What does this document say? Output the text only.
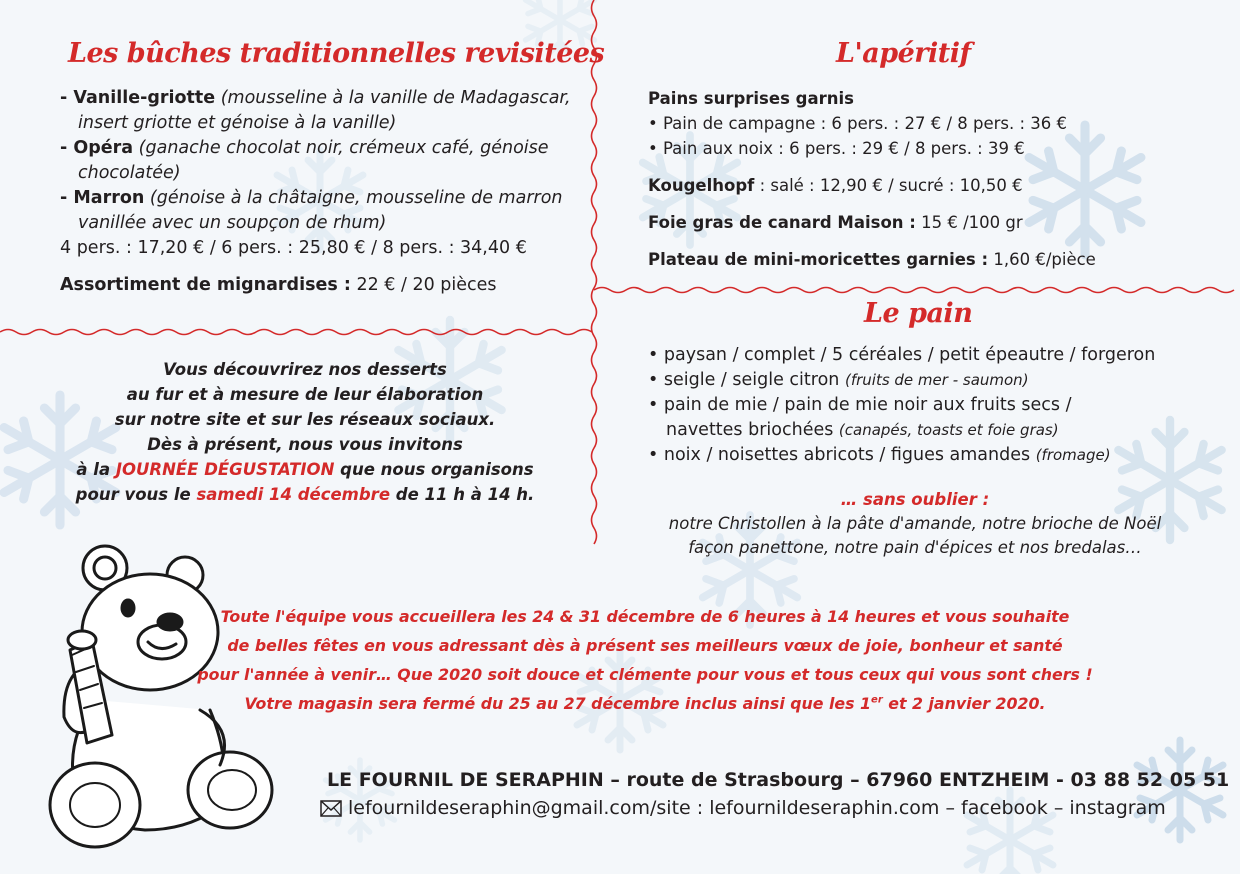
Les bûches traditionnelles revisitées

- Vanille-griotte (mousseline à la vanille de Madagascar,

insert griotte et génoise à la vanille)

- Opéra (ganache chocolat noir, crémeux café, génoise

chocolatée)

- Marron (génoise à la châtaigne, mousseline de marron

vanillée avec un soupçon de rhum)

4 pers. : 17,20 € / 6 pers. : 25,80 € / 8 pers. : 34,40 €

Assortiment de mignardises : 22 € / 20 pièces

Vous découvrirez nos desserts
au fur et à mesure de leur élaboration
sur notre site et sur les réseaux sociaux.
Dès à présent, nous vous invitons
à la JOURNÉE DÉGUSTATION que nous organisons
pour vous le samedi 14 décembre de 11 h à 14 h.
L'apéritif

Pains surprises garnis

• Pain de campagne : 6 pers. : 27 € / 8 pers. : 36 €

• Pain aux noix : 6 pers. : 29 € / 8 pers. : 39 €

Kougelhopf : salé : 12,90 € / sucré : 10,50 €

Foie gras de canard Maison : 15 € /100 gr

Plateau de mini-moricettes garnies : 1,60 €/pièce

Le pain

• paysan / complet / 5 céréales / petit épeautre / forgeron

• seigle / seigle citron (fruits de mer - saumon)

• pain de mie / pain de mie noir aux fruits secs /

navettes briochées (canapés, toasts et foie gras)

• noix / noisettes abricots / figues amandes (fromage)

… sans oublier :
notre Christollen à la pâte d'amande, notre brioche de Noël
façon panettone, notre pain d'épices et nos bredalas…
Toute l'équipe vous accueillera les 24 & 31 décembre de 6 heures à 14 heures et vous souhaite
de belles fêtes en vous adressant dès à présent ses meilleurs vœux de joie, bonheur et santé
pour l'année à venir… Que 2020 soit douce et clémente pour vous et tous ceux qui vous sont chers !
Votre magasin sera fermé du 25 au 27 décembre inclus ainsi que les 1er et 2 janvier 2020.
LE FOURNIL DE SERAPHIN – route de Strasbourg – 67960 ENTZHEIM - 03 88 52 05 51
lefournildeseraphin@gmail.com/site : lefournildeseraphin.com – facebook – instagram
